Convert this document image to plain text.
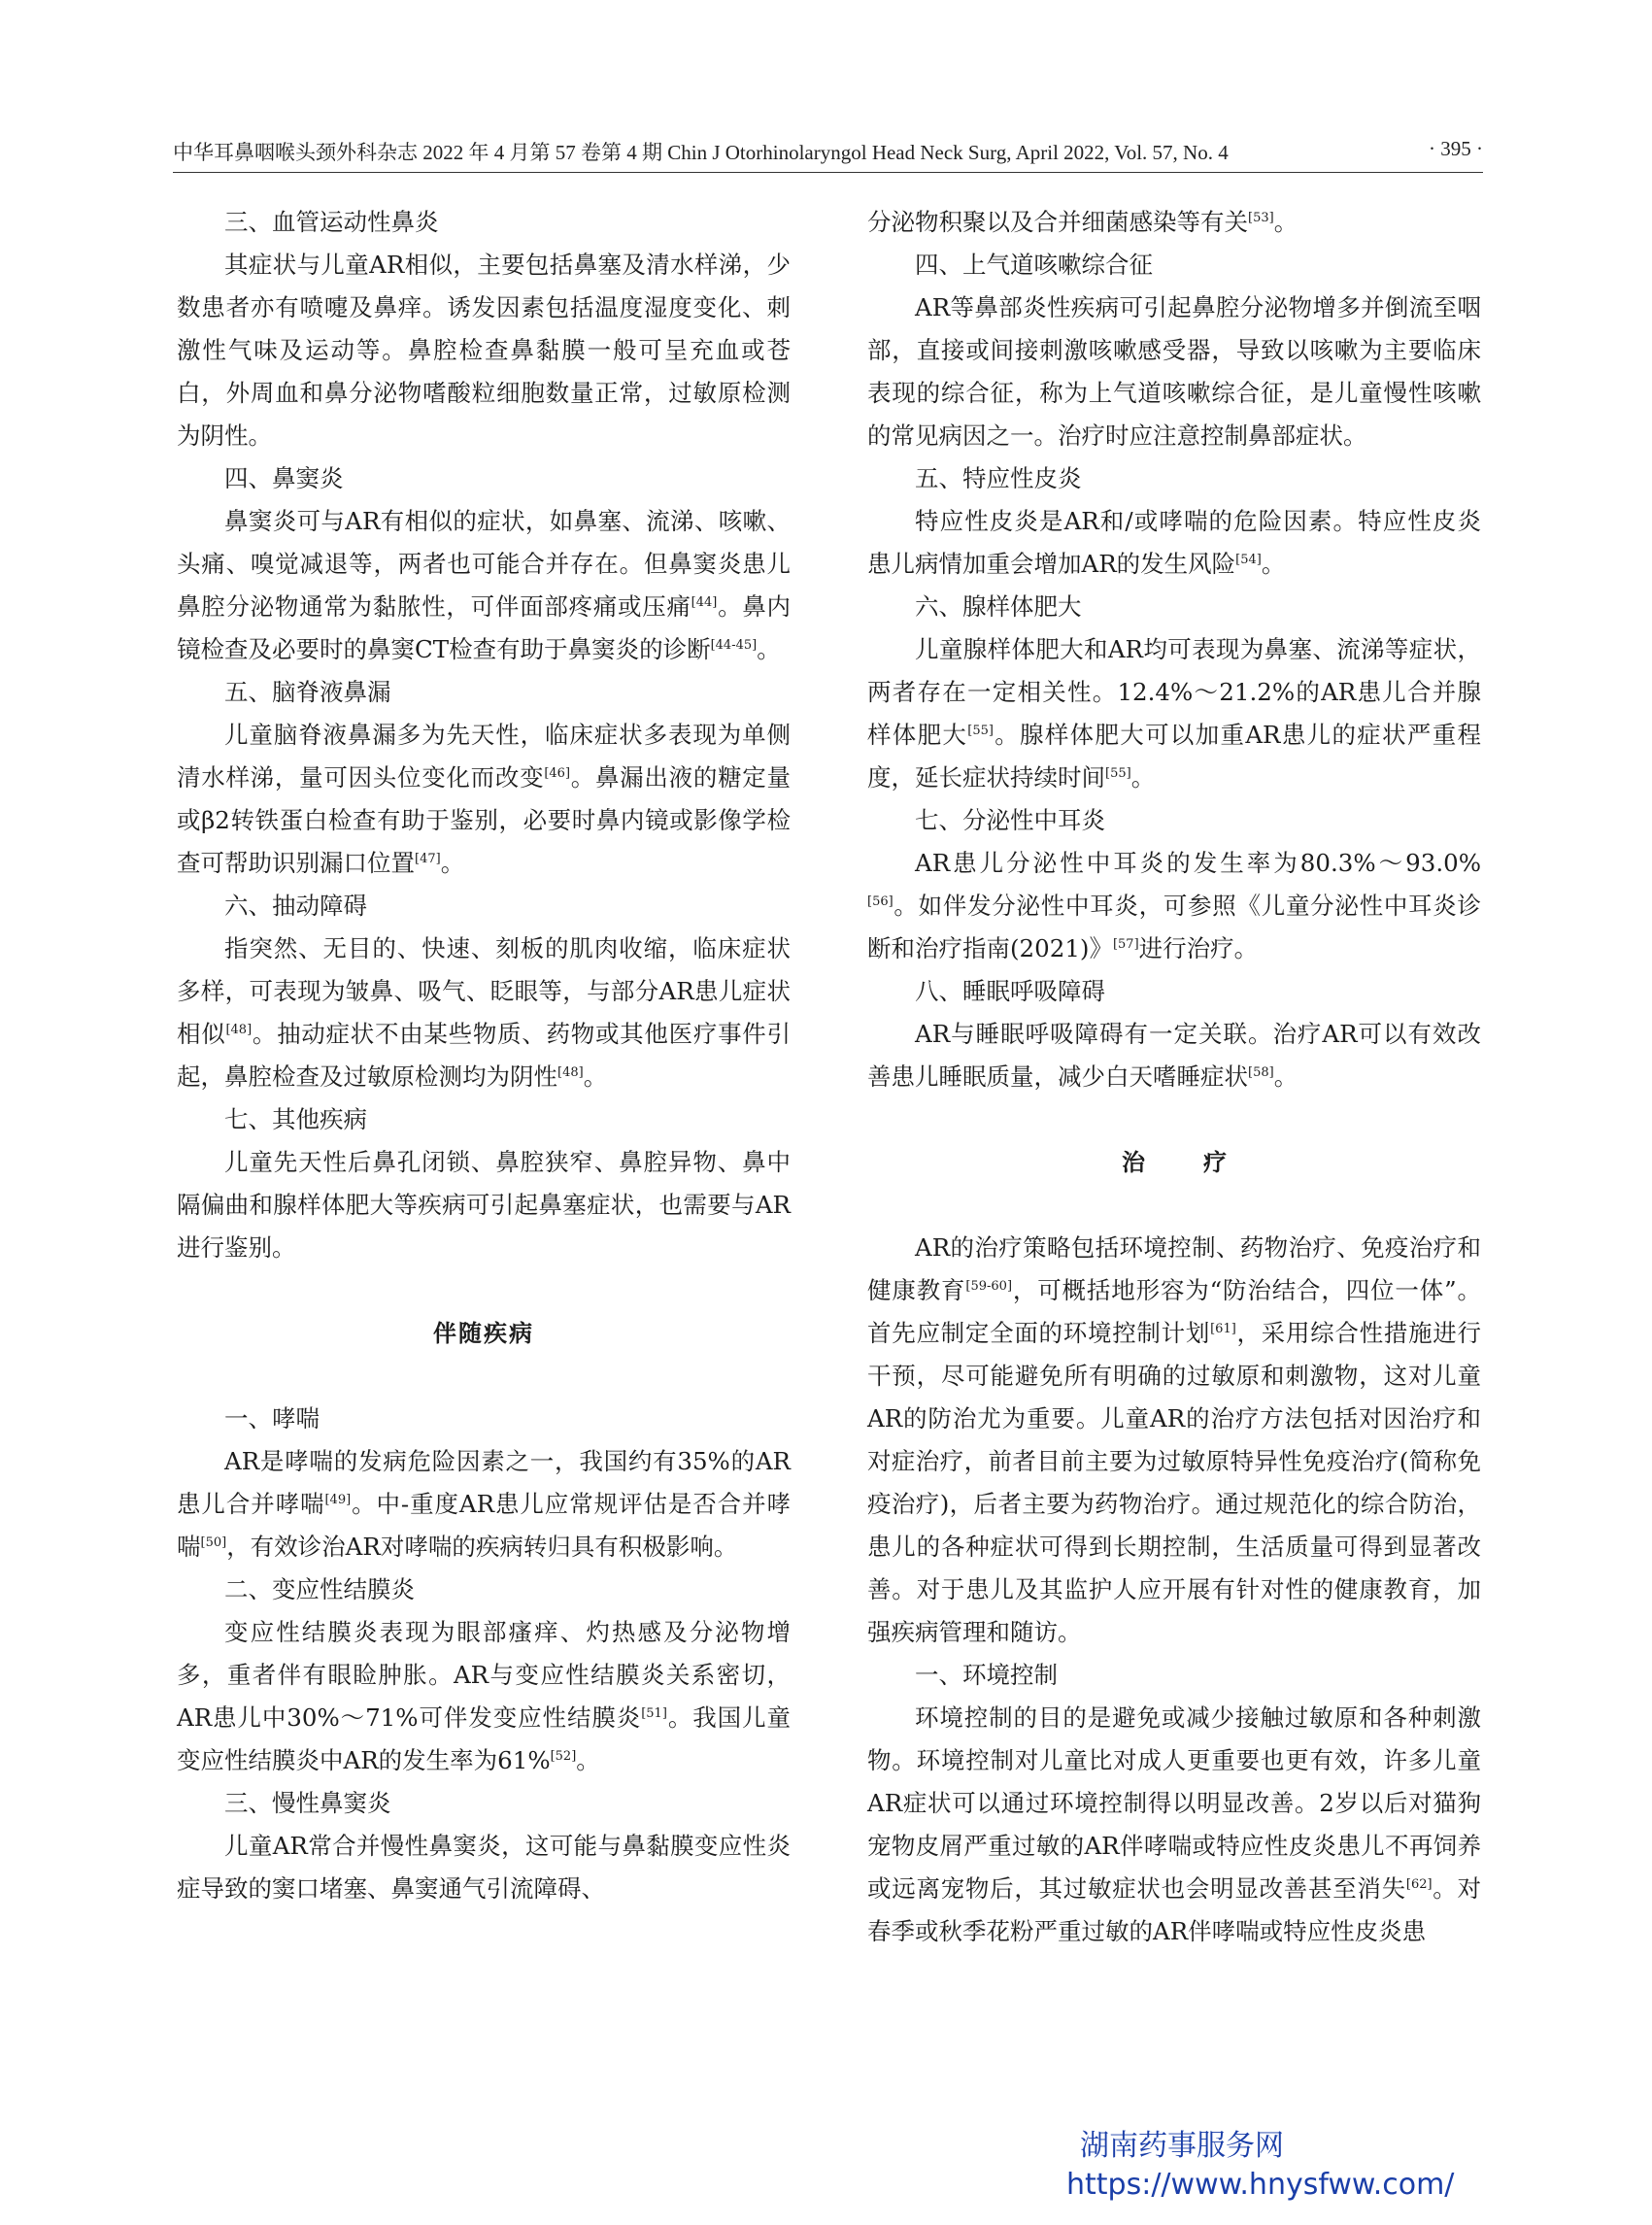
中华耳鼻咽喉头颈外科杂志 2022 年 4 月第 57 卷第 4 期 Chin J Otorhinolaryngol Head Neck Surg, April 2022, Vol. 57, No. 4	· 395 ·
三、血管运动性鼻炎

其症状与儿童AR相似，主要包括鼻塞及清水样涕，少数患者亦有喷嚏及鼻痒。诱发因素包括温度湿度变化、刺激性气味及运动等。鼻腔检查鼻黏膜一般可呈充血或苍白，外周血和鼻分泌物嗜酸粒细胞数量正常，过敏原检测为阴性。

四、鼻窦炎

鼻窦炎可与AR有相似的症状，如鼻塞、流涕、咳嗽、头痛、嗅觉减退等，两者也可能合并存在。但鼻窦炎患儿鼻腔分泌物通常为黏脓性，可伴面部疼痛或压痛[44]。鼻内镜检查及必要时的鼻窦CT检查有助于鼻窦炎的诊断[44-45]。

五、脑脊液鼻漏

儿童脑脊液鼻漏多为先天性，临床症状多表现为单侧清水样涕，量可因头位变化而改变[46]。鼻漏出液的糖定量或β2转铁蛋白检查有助于鉴别，必要时鼻内镜或影像学检查可帮助识别漏口位置[47]。

六、抽动障碍

指突然、无目的、快速、刻板的肌肉收缩，临床症状多样，可表现为皱鼻、吸气、眨眼等，与部分AR患儿症状相似[48]。抽动症状不由某些物质、药物或其他医疗事件引起，鼻腔检查及过敏原检测均为阴性[48]。

七、其他疾病

儿童先天性后鼻孔闭锁、鼻腔狭窄、鼻腔异物、鼻中隔偏曲和腺样体肥大等疾病可引起鼻塞症状，也需要与AR进行鉴别。

伴随疾病
一、哮喘

AR是哮喘的发病危险因素之一，我国约有35%的AR患儿合并哮喘[49]。中-重度AR患儿应常规评估是否合并哮喘[50]，有效诊治AR对哮喘的疾病转归具有积极影响。

二、变应性结膜炎

变应性结膜炎表现为眼部瘙痒、灼热感及分泌物增多，重者伴有眼睑肿胀。AR与变应性结膜炎关系密切，AR患儿中30%～71%可伴发变应性结膜炎[51]。我国儿童变应性结膜炎中AR的发生率为61%[52]。

三、慢性鼻窦炎

儿童AR常合并慢性鼻窦炎，这可能与鼻黏膜变应性炎症导致的窦口堵塞、鼻窦通气引流障碍、

分泌物积聚以及合并细菌感染等有关[53]。

四、上气道咳嗽综合征

AR等鼻部炎性疾病可引起鼻腔分泌物增多并倒流至咽部，直接或间接刺激咳嗽感受器，导致以咳嗽为主要临床表现的综合征，称为上气道咳嗽综合征，是儿童慢性咳嗽的常见病因之一。治疗时应注意控制鼻部症状。

五、特应性皮炎

特应性皮炎是AR和/或哮喘的危险因素。特应性皮炎患儿病情加重会增加AR的发生风险[54]。

六、腺样体肥大

儿童腺样体肥大和AR均可表现为鼻塞、流涕等症状，两者存在一定相关性。12.4%～21.2%的AR患儿合并腺样体肥大[55]。腺样体肥大可以加重AR患儿的症状严重程度，延长症状持续时间[55]。

七、分泌性中耳炎

AR患儿分泌性中耳炎的发生率为80.3%～93.0%[56]。如伴发分泌性中耳炎，可参照《儿童分泌性中耳炎诊断和治疗指南(2021)》[57]进行治疗。

八、睡眠呼吸障碍

AR与睡眠呼吸障碍有一定关联。治疗AR可以有效改善患儿睡眠质量，减少白天嗜睡症状[58]。

治疗

AR的治疗策略包括环境控制、药物治疗、免疫治疗和健康教育[59-60]，可概括地形容为“防治结合，四位一体”。首先应制定全面的环境控制计划[61]，采用综合性措施进行干预，尽可能避免所有明确的过敏原和刺激物，这对儿童AR的防治尤为重要。儿童AR的治疗方法包括对因治疗和对症治疗，前者目前主要为过敏原特异性免疫治疗(简称免疫治疗)，后者主要为药物治疗。通过规范化的综合防治，患儿的各种症状可得到长期控制，生活质量可得到显著改善。对于患儿及其监护人应开展有针对性的健康教育，加强疾病管理和随访。

一、环境控制

环境控制的目的是避免或减少接触过敏原和各种刺激物。环境控制对儿童比对成人更重要也更有效，许多儿童AR症状可以通过环境控制得以明显改善。2岁以后对猫狗宠物皮屑严重过敏的AR伴哮喘或特应性皮炎患儿不再饲养或远离宠物后，其过敏症状也会明显改善甚至消失[62]。对春季或秋季花粉严重过敏的AR伴哮喘或特应性皮炎患

湖南药事服务网
https://www.hnysfww.com/
